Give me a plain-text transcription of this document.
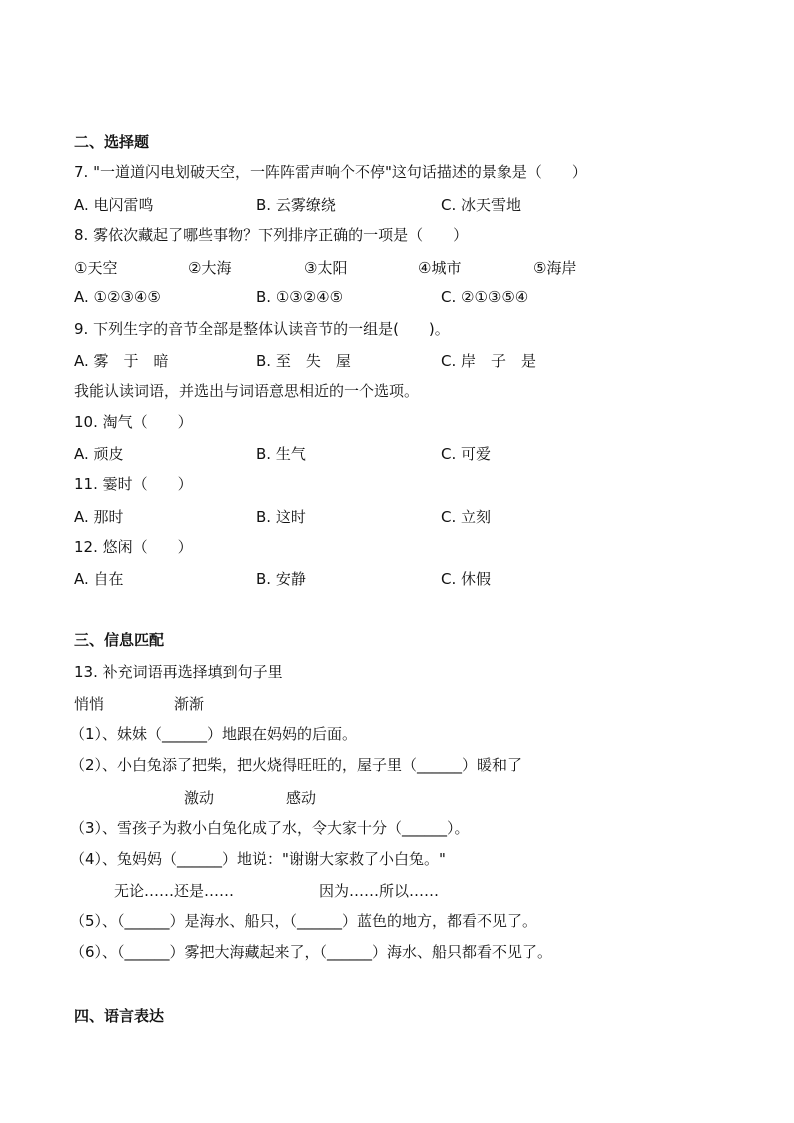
二、选择题
7. "一道道闪电划破天空，一阵阵雷声响个不停"这句话描述的景象是（　　）
A. 电闪雷鸣	B. 云雾缭绕	C. 冰天雪地
8. 雾依次藏起了哪些事物？下列排序正确的一项是（　　）
①天空	②大海	③太阳	④城市	⑤海岸
A. ①②③④⑤	B. ①③②④⑤	C. ②①③⑤④
9. 下列生字的音节全部是整体认读音节的一组是(　　)。
A. 雾　于　暗	B. 至　失　屋	C. 岸　子　是
我能认读词语，并选出与词语意思相近的一个选项。
10. 淘气（　　）
A. 顽皮	B. 生气	C. 可爱
11. 霎时（　　）
A. 那时	B. 这时	C. 立刻
12. 悠闲（　　）
A. 自在	B. 安静	C. 休假
三、信息匹配
13. 补充词语再选择填到句子里
悄悄	渐渐
（1）、妹妹（______）地跟在妈妈的后面。
（2）、小白兔添了把柴，把火烧得旺旺的，屋子里（______）暖和了
激动	感动
（3）、雪孩子为救小白兔化成了水，令大家十分（______）。
（4）、兔妈妈（______）地说："谢谢大家救了小白兔。"
无论……还是……	因为……所以……
（5）、（______）是海水、船只，（______）蓝色的地方，都看不见了。
（6）、（______）雾把大海藏起来了，（______）海水、船只都看不见了。
四、语言表达
